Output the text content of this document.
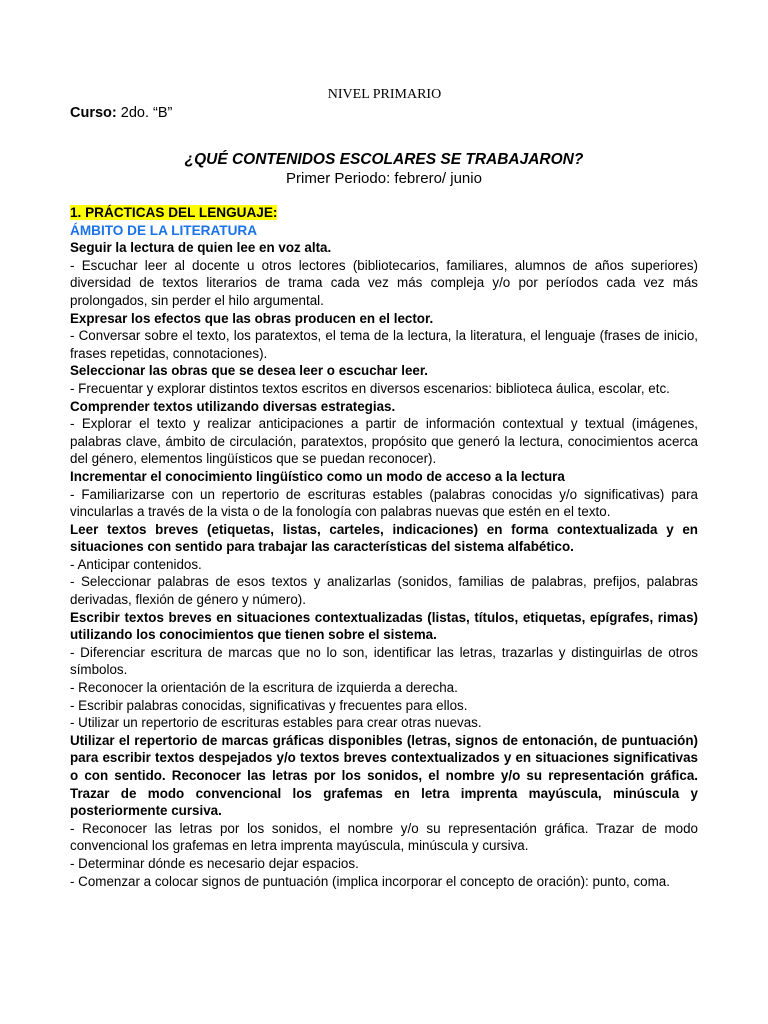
NIVEL PRIMARIO
Curso: 2do. “B”
¿QUÉ CONTENIDOS ESCOLARES SE TRABAJARON?
Primer Periodo: febrero/ junio
1. PRÁCTICAS DEL LENGUAJE:
ÁMBITO DE LA LITERATURA
Seguir la lectura de quien lee en voz alta.
- Escuchar leer al docente u otros lectores (bibliotecarios, familiares, alumnos de años superiores) diversidad de textos literarios de trama cada vez más compleja y/o por períodos cada vez más prolongados, sin perder el hilo argumental.
Expresar los efectos que las obras producen en el lector.
- Conversar sobre el texto, los paratextos, el tema de la lectura, la literatura, el lenguaje (frases de inicio, frases repetidas, connotaciones).
Seleccionar las obras que se desea leer o escuchar leer.
- Frecuentar y explorar distintos textos escritos en diversos escenarios: biblioteca áulica, escolar, etc.
Comprender textos utilizando diversas estrategias.
- Explorar el texto y realizar anticipaciones a partir de información contextual y textual (imágenes, palabras clave, ámbito de circulación, paratextos, propósito que generó la lectura, conocimientos acerca del género, elementos lingüísticos que se puedan reconocer).
Incrementar el conocimiento lingüístico como un modo de acceso a la lectura
- Familiarizarse con un repertorio de escrituras estables (palabras conocidas y/o significativas) para vincularlas a través de la vista o de la fonología con palabras nuevas que estén en el texto.
Leer textos breves (etiquetas, listas, carteles, indicaciones) en forma contextualizada y en situaciones con sentido para trabajar las características del sistema alfabético.
- Anticipar contenidos.
- Seleccionar palabras de esos textos y analizarlas (sonidos, familias de palabras, prefijos, palabras derivadas, flexión de género y número).
Escribir textos breves en situaciones contextualizadas (listas, títulos, etiquetas, epígrafes, rimas) utilizando los conocimientos que tienen sobre el sistema.
- Diferenciar escritura de marcas que no lo son, identificar las letras, trazarlas y distinguirlas de otros símbolos.
- Reconocer la orientación de la escritura de izquierda a derecha.
- Escribir palabras conocidas, significativas y frecuentes para ellos.
- Utilizar un repertorio de escrituras estables para crear otras nuevas.
Utilizar el repertorio de marcas gráficas disponibles (letras, signos de entonación, de puntuación) para escribir textos despejados y/o textos breves contextualizados y en situaciones significativas o con sentido. Reconocer las letras por los sonidos, el nombre y/o su representación gráfica. Trazar de modo convencional los grafemas en letra imprenta mayúscula, minúscula y posteriormente cursiva.
- Reconocer las letras por los sonidos, el nombre y/o su representación gráfica. Trazar de modo convencional los grafemas en letra imprenta mayúscula, minúscula y cursiva.
- Determinar dónde es necesario dejar espacios.
- Comenzar a colocar signos de puntuación (implica incorporar el concepto de oración): punto, coma.
